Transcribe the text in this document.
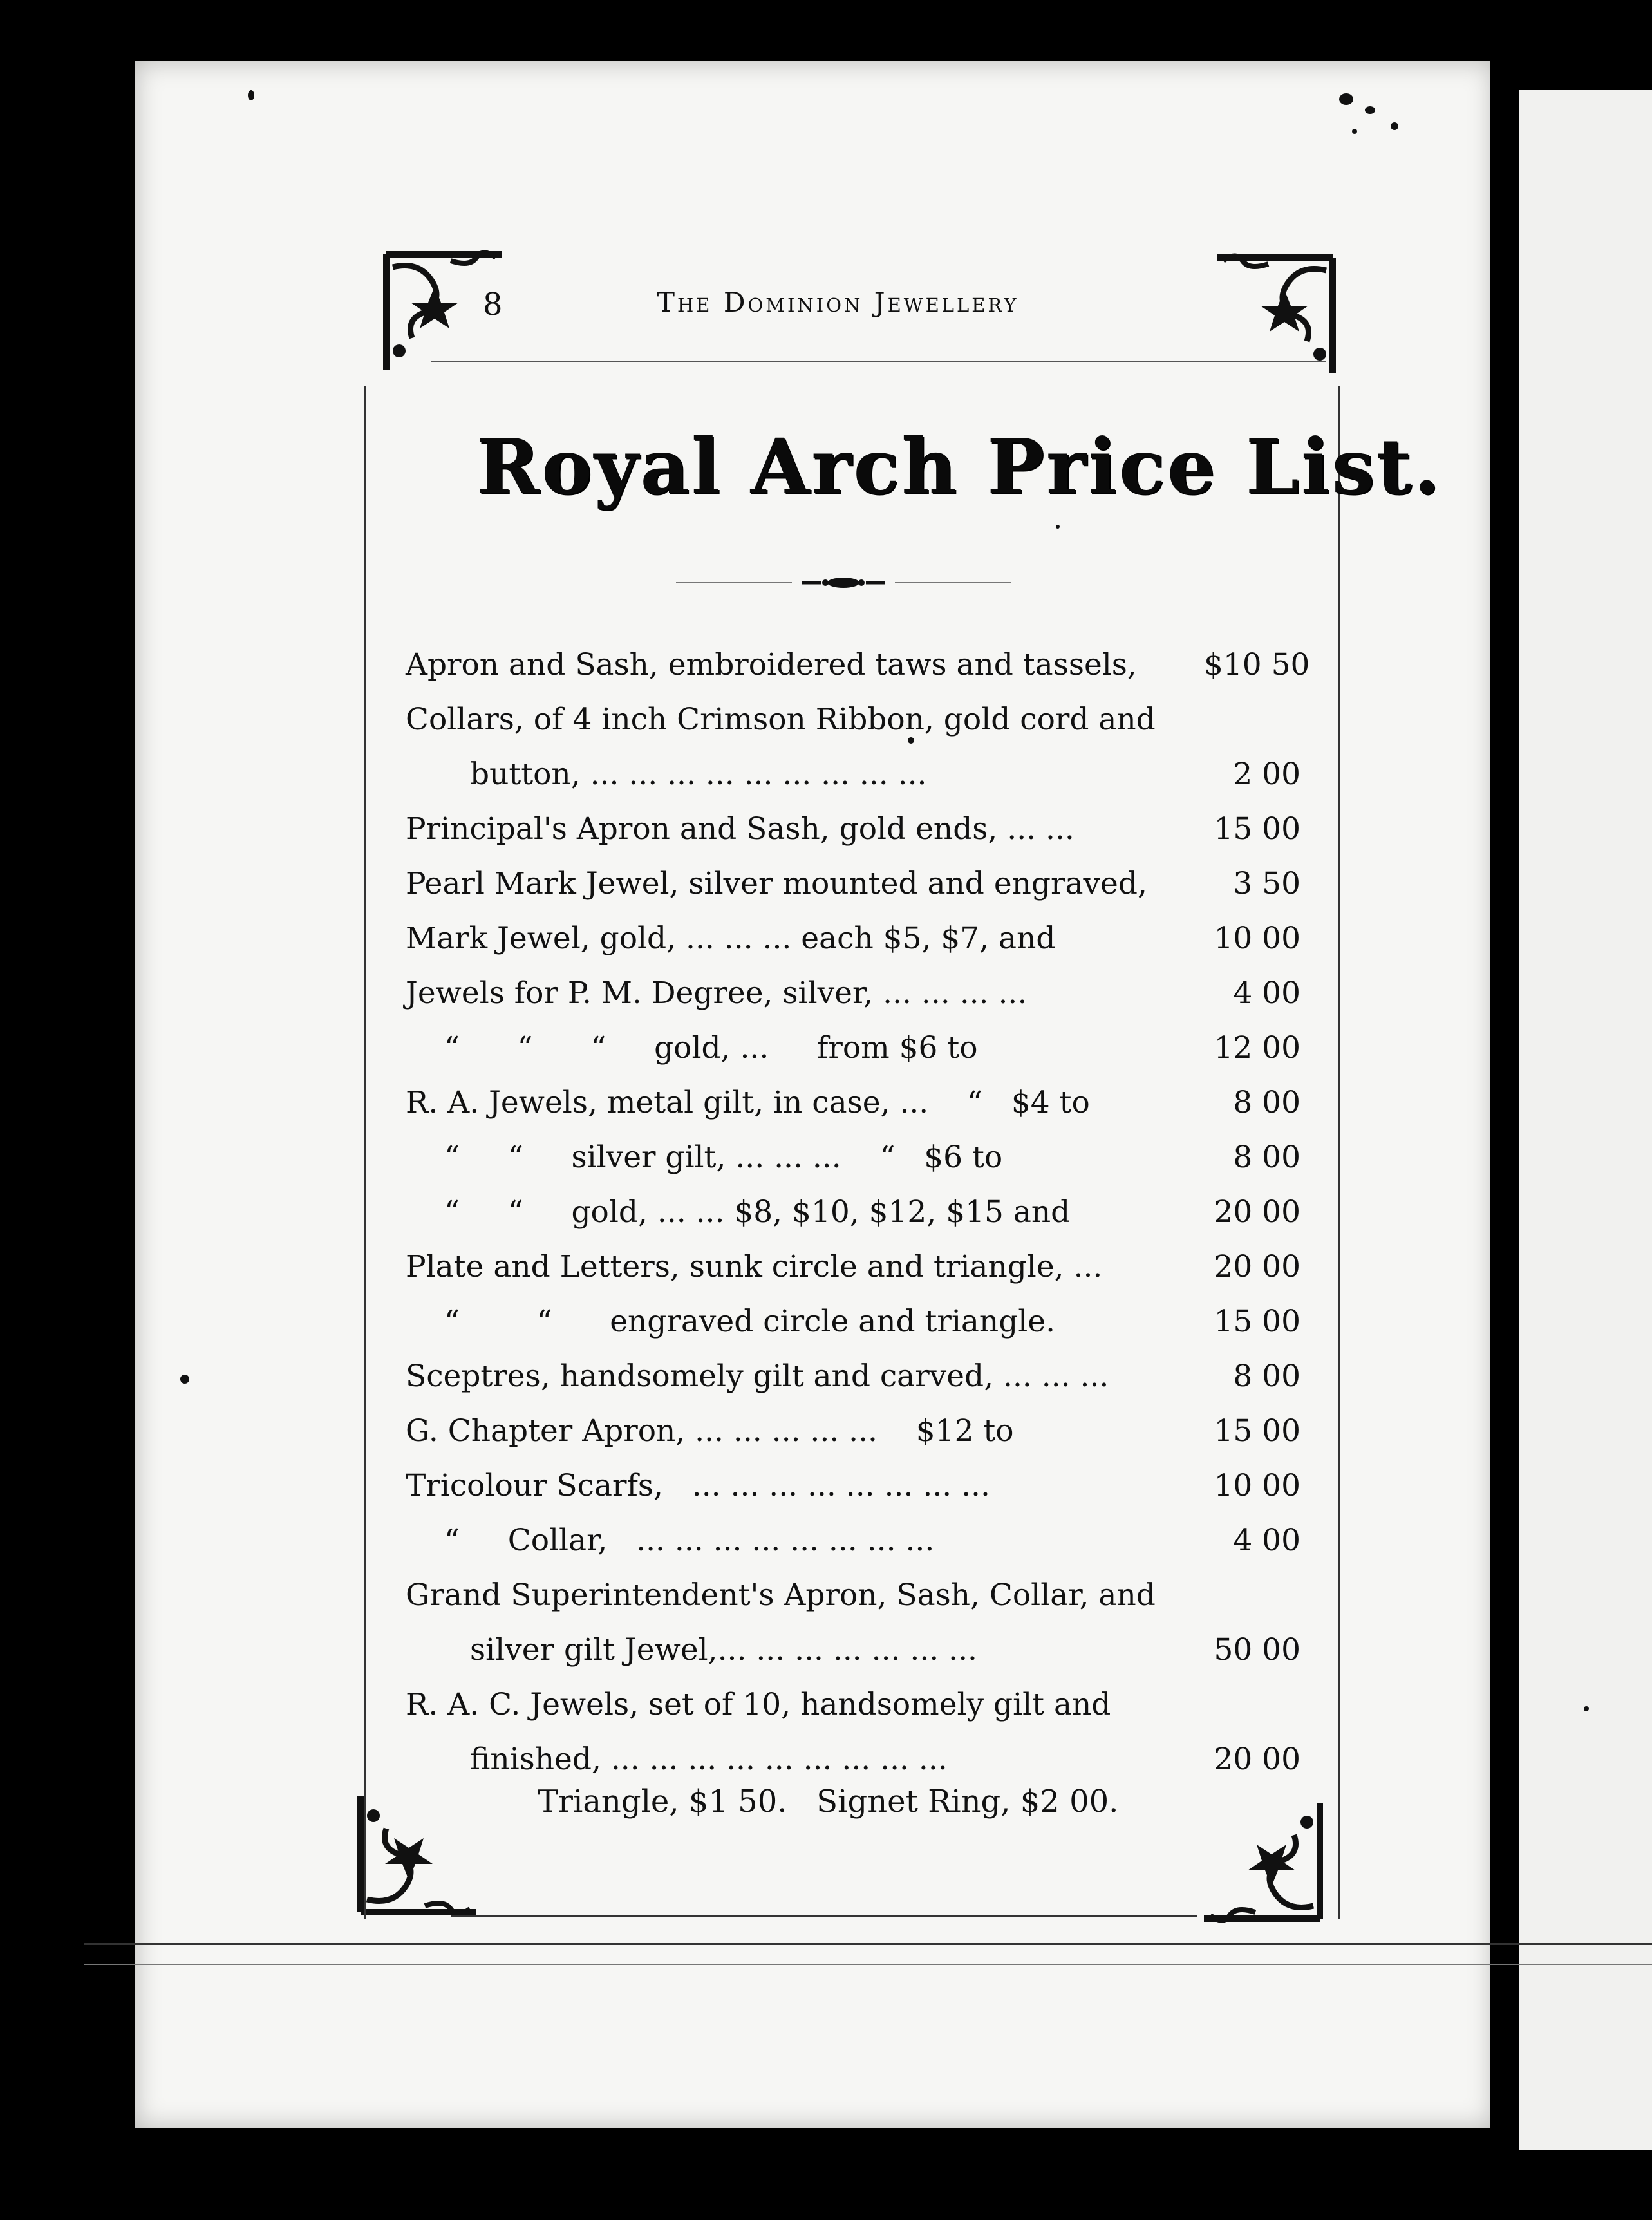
8	The Dominion Jewellery
Royal Arch Price List.
Apron and Sash, embroidered taws and tassels, $10 50
Collars, of 4 inch Crimson Ribbon, gold cord and
button, ... ... ... ... ... ... ... ... ...	2 00
Principal's Apron and Sash, gold ends, ... ...	15 00
Pearl Mark Jewel, silver mounted and engraved,	3 50
Mark Jewel, gold, ... ... ... each $5, $7, and	10 00
Jewels for P. M. Degree, silver, ... ... ... ...	4 00
“      “      “     gold, ...     from $6 to	12 00
R. A. Jewels, metal gilt, in case, ...    “   $4 to	8 00
“     “     silver gilt, ... ... ...    “   $6 to	8 00
“     “     gold, ... ... $8, $10, $12, $15 and	20 00
Plate and Letters, sunk circle and triangle, ...	20 00
“        “      engraved circle and triangle.	15 00
Sceptres, handsomely gilt and carved, ... ... ...	8 00
G. Chapter Apron, ... ... ... ... ...    $12 to	15 00
Tricolour Scarfs,   ... ... ... ... ... ... ... ...	10 00
“     Collar,   ... ... ... ... ... ... ... ...	4 00
Grand Superintendent's Apron, Sash, Collar, and
silver gilt Jewel,... ... ... ... ... ... ...	50 00
R. A. C. Jewels, set of 10, handsomely gilt and
finished, ... ... ... ... ... ... ... ... ...	20 00
Triangle, $1 50.   Signet Ring, $2 00.
